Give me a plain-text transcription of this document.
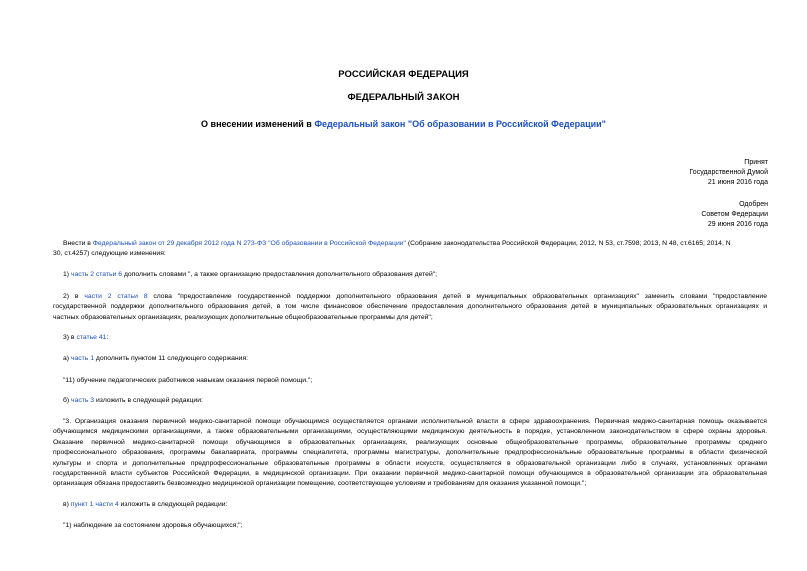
РОССИЙСКАЯ ФЕДЕРАЦИЯ
ФЕДЕРАЛЬНЫЙ ЗАКОН
О внесении изменений в Федеральный закон "Об образовании в Российской Федерации"
Принят
Государственной Думой
21 июня 2016 года
Одобрен
Советом Федерации
29 июня 2016 года
Внести в Федеральный закон от 29 декабря 2012 года N 273-ФЗ "Об образовании в Российской Федерации" (Собрание законодательства Российской Федерации, 2012, N 53, ст.7598; 2013, N 48, ст.6165; 2014, N
30, ст.4257) следующие изменения:
1) часть 2 статьи 6 дополнить словами ", а также организацию предоставления дополнительного образования детей";
2) в части 2 статьи 8 слова "предоставление государственной поддержки дополнительного образования детей в муниципальных образовательных организациях" заменить словами "предоставление
государственной поддержки дополнительного образования детей, в том числе финансовое обеспечение предоставления дополнительного образования детей в муниципальных образовательных организациях и
частных образовательных организациях, реализующих дополнительные общеобразовательные программы для детей";
3) в статье 41:
а) часть 1 дополнить пунктом 11 следующего содержания:
"11) обучение педагогических работников навыкам оказания первой помощи.";
б) часть 3 изложить в следующей редакции:
"3. Организация оказания первичной медико-санитарной помощи обучающимся осуществляется органами исполнительной власти в сфере здравоохранения. Первичная медико-санитарная помощь оказывается
обучающимся медицинскими организациями, а также образовательными организациями, осуществляющими медицинскую деятельность в порядке, установленном законодательством в сфере охраны здоровья.
Оказание первичной медико-санитарной помощи обучающимся в образовательных организациях, реализующих основные общеобразовательные программы, образовательные программы среднего
профессионального образования, программы бакалавриата, программы специалитета, программы магистратуры, дополнительные предпрофессиональные образовательные программы в области физической
культуры и спорта и дополнительные предпрофессиональные образовательные программы в области искусств, осуществляется в образовательной организации либо в случаях, установленных органами
государственной власти субъектов Российской Федерации, в медицинской организации. При оказании первичной медико-санитарной помощи обучающимся в образовательной организации эта образовательная
организация обязана предоставить безвозмездно медицинской организации помещение, соответствующее условиям и требованиям для оказания указанной помощи.";
в) пункт 1 части 4 изложить в следующей редакции:
"1) наблюдение за состоянием здоровья обучающихся;";
